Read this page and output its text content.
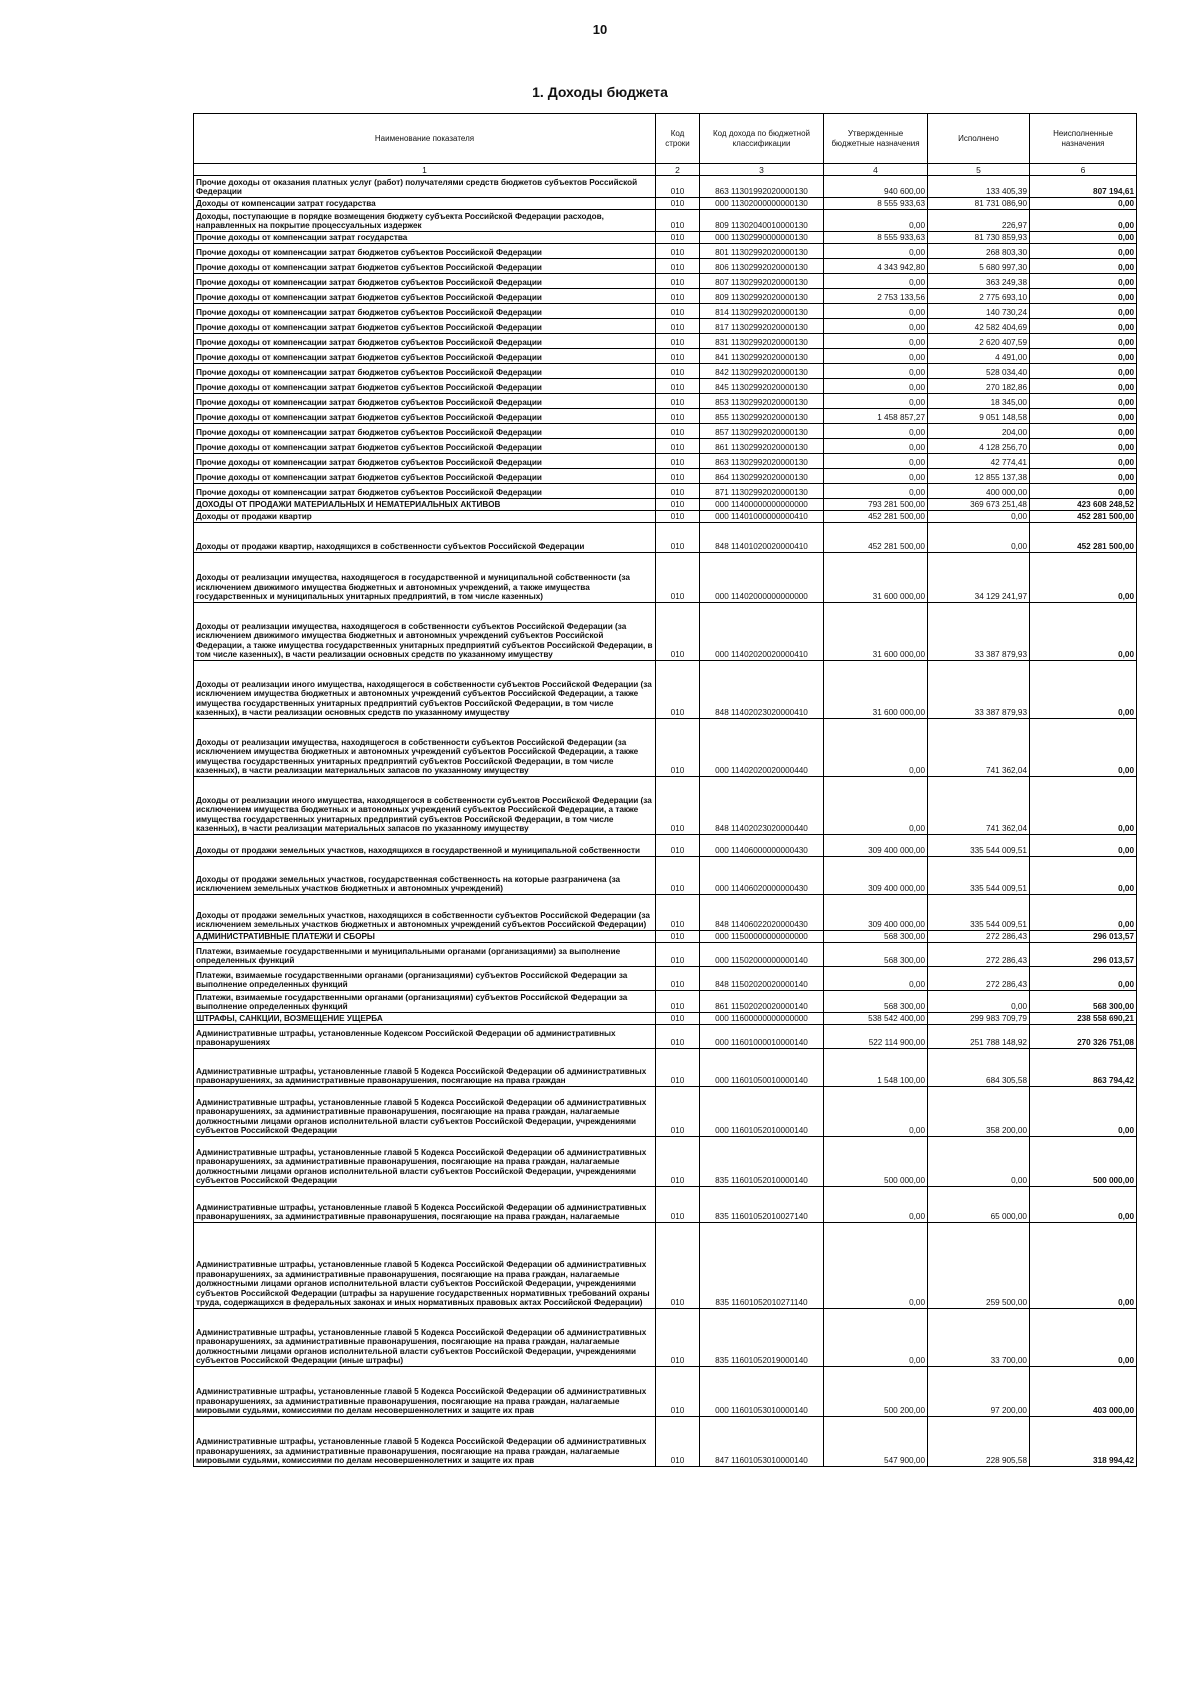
10
1. Доходы бюджета
Наименование показателя	Код строки	Код дохода по бюджетной классификации	Утвержденные бюджетные назначения	Исполнено	Неисполненные назначения
1	2	3	4	5	6
Прочие доходы от оказания платных услуг (работ) получателями средств бюджетов субъектов Российской Федерации	010	863 11301992020000130	940 600,00	133 405,39	807 194,61
Доходы от компенсации затрат государства	010	000 11302000000000130	8 555 933,63	81 731 086,90	0,00
Доходы, поступающие в порядке возмещения бюджету субъекта Российской Федерации расходов, направленных на покрытие процессуальных издержек	010	809 11302040010000130	0,00	226,97	0,00
Прочие доходы от компенсации затрат государства	010	000 11302990000000130	8 555 933,63	81 730 859,93	0,00
Прочие доходы от компенсации затрат бюджетов субъектов Российской Федерации	010	801 11302992020000130	0,00	268 803,30	0,00
Прочие доходы от компенсации затрат бюджетов субъектов Российской Федерации	010	806 11302992020000130	4 343 942,80	5 680 997,30	0,00
Прочие доходы от компенсации затрат бюджетов субъектов Российской Федерации	010	807 11302992020000130	0,00	363 249,38	0,00
Прочие доходы от компенсации затрат бюджетов субъектов Российской Федерации	010	809 11302992020000130	2 753 133,56	2 775 693,10	0,00
Прочие доходы от компенсации затрат бюджетов субъектов Российской Федерации	010	814 11302992020000130	0,00	140 730,24	0,00
Прочие доходы от компенсации затрат бюджетов субъектов Российской Федерации	010	817 11302992020000130	0,00	42 582 404,69	0,00
Прочие доходы от компенсации затрат бюджетов субъектов Российской Федерации	010	831 11302992020000130	0,00	2 620 407,59	0,00
Прочие доходы от компенсации затрат бюджетов субъектов Российской Федерации	010	841 11302992020000130	0,00	4 491,00	0,00
Прочие доходы от компенсации затрат бюджетов субъектов Российской Федерации	010	842 11302992020000130	0,00	528 034,40	0,00
Прочие доходы от компенсации затрат бюджетов субъектов Российской Федерации	010	845 11302992020000130	0,00	270 182,86	0,00
Прочие доходы от компенсации затрат бюджетов субъектов Российской Федерации	010	853 11302992020000130	0,00	18 345,00	0,00
Прочие доходы от компенсации затрат бюджетов субъектов Российской Федерации	010	855 11302992020000130	1 458 857,27	9 051 148,58	0,00
Прочие доходы от компенсации затрат бюджетов субъектов Российской Федерации	010	857 11302992020000130	0,00	204,00	0,00
Прочие доходы от компенсации затрат бюджетов субъектов Российской Федерации	010	861 11302992020000130	0,00	4 128 256,70	0,00
Прочие доходы от компенсации затрат бюджетов субъектов Российской Федерации	010	863 11302992020000130	0,00	42 774,41	0,00
Прочие доходы от компенсации затрат бюджетов субъектов Российской Федерации	010	864 11302992020000130	0,00	12 855 137,38	0,00
Прочие доходы от компенсации затрат бюджетов субъектов Российской Федерации	010	871 11302992020000130	0,00	400 000,00	0,00
ДОХОДЫ ОТ ПРОДАЖИ МАТЕРИАЛЬНЫХ И НЕМАТЕРИАЛЬНЫХ АКТИВОВ	010	000 11400000000000000	793 281 500,00	369 673 251,48	423 608 248,52
Доходы от продажи квартир	010	000 11401000000000410	452 281 500,00	0,00	452 281 500,00
Доходы от продажи квартир, находящихся в собственности субъектов Российской Федерации	010	848 11401020020000410	452 281 500,00	0,00	452 281 500,00
Доходы от реализации имущества, находящегося в государственной и муниципальной собственности (за исключением движимого имущества бюджетных и автономных учреждений, а также имущества государственных и муниципальных унитарных предприятий, в том числе казенных)	010	000 11402000000000000	31 600 000,00	34 129 241,97	0,00
Доходы от реализации имущества, находящегося в собственности субъектов Российской Федерации (за исключением движимого имущества бюджетных и автономных учреждений субъектов Российской Федерации, а также имущества государственных унитарных предприятий субъектов Российской Федерации, в том числе казенных), в части реализации основных средств по указанному имуществу	010	000 11402020020000410	31 600 000,00	33 387 879,93	0,00
Доходы от реализации иного имущества, находящегося в собственности субъектов Российской Федерации (за исключением имущества бюджетных и автономных учреждений субъектов Российской Федерации, а также имущества государственных унитарных предприятий субъектов Российской Федерации, в том числе казенных), в части реализации основных средств по указанному имуществу	010	848 11402023020000410	31 600 000,00	33 387 879,93	0,00
Доходы от реализации имущества, находящегося в собственности субъектов Российской Федерации (за исключением имущества бюджетных и автономных учреждений субъектов Российской Федерации, а также имущества государственных унитарных предприятий субъектов Российской Федерации, в том числе казенных), в части реализации материальных запасов по указанному имуществу	010	000 11402020020000440	0,00	741 362,04	0,00
Доходы от реализации иного имущества, находящегося в собственности субъектов Российской Федерации (за исключением имущества бюджетных и автономных учреждений субъектов Российской Федерации, а также имущества государственных унитарных предприятий субъектов Российской Федерации, в том числе казенных), в части реализации материальных запасов по указанному имуществу	010	848 11402023020000440	0,00	741 362,04	0,00
Доходы от продажи земельных участков, находящихся в государственной и муниципальной собственности	010	000 11406000000000430	309 400 000,00	335 544 009,51	0,00
Доходы от продажи земельных участков, государственная собственность на которые разграничена (за исключением земельных участков бюджетных и автономных учреждений)	010	000 11406020000000430	309 400 000,00	335 544 009,51	0,00
Доходы от продажи земельных участков, находящихся в собственности субъектов Российской Федерации (за исключением земельных участков бюджетных и автономных учреждений субъектов Российской Федерации)	010	848 11406022020000430	309 400 000,00	335 544 009,51	0,00
АДМИНИСТРАТИВНЫЕ ПЛАТЕЖИ И СБОРЫ	010	000 11500000000000000	568 300,00	272 286,43	296 013,57
Платежи, взимаемые государственными и муниципальными органами (организациями) за выполнение определенных функций	010	000 11502000000000140	568 300,00	272 286,43	296 013,57
Платежи, взимаемые государственными органами (организациями) субъектов Российской Федерации за выполнение определенных функций	010	848 11502020020000140	0,00	272 286,43	0,00
Платежи, взимаемые государственными органами (организациями) субъектов Российской Федерации за выполнение определенных функций	010	861 11502020020000140	568 300,00	0,00	568 300,00
ШТРАФЫ, САНКЦИИ, ВОЗМЕЩЕНИЕ УЩЕРБА	010	000 11600000000000000	538 542 400,00	299 983 709,79	238 558 690,21
Административные штрафы, установленные Кодексом Российской Федерации об административных правонарушениях	010	000 11601000010000140	522 114 900,00	251 788 148,92	270 326 751,08
Административные штрафы, установленные главой 5 Кодекса Российской Федерации об административных правонарушениях, за административные правонарушения, посягающие на права граждан	010	000 11601050010000140	1 548 100,00	684 305,58	863 794,42
Административные штрафы, установленные главой 5 Кодекса Российской Федерации об административных правонарушениях, за административные правонарушения, посягающие на права граждан, налагаемые должностными лицами органов исполнительной власти субъектов Российской Федерации, учреждениями субъектов Российской Федерации	010	000 11601052010000140	0,00	358 200,00	0,00
Административные штрафы, установленные главой 5 Кодекса Российской Федерации об административных правонарушениях, за административные правонарушения, посягающие на права граждан, налагаемые должностными лицами органов исполнительной власти субъектов Российской Федерации, учреждениями субъектов Российской Федерации	010	835 11601052010000140	500 000,00	0,00	500 000,00
Административные штрафы, установленные главой 5 Кодекса Российской Федерации об административных правонарушениях, за административные правонарушения, посягающие на права граждан, налагаемые	010	835 11601052010027140	0,00	65 000,00	0,00
Административные штрафы, установленные главой 5 Кодекса Российской Федерации об административных правонарушениях, за административные правонарушения, посягающие на права граждан, налагаемые должностными лицами органов исполнительной власти субъектов Российской Федерации, учреждениями субъектов Российской Федерации (штрафы за нарушение государственных нормативных требований охраны труда, содержащихся в федеральных законах и иных нормативных правовых актах Российской Федерации)	010	835 11601052010271140	0,00	259 500,00	0,00
Административные штрафы, установленные главой 5 Кодекса Российской Федерации об административных правонарушениях, за административные правонарушения, посягающие на права граждан, налагаемые должностными лицами органов исполнительной власти субъектов Российской Федерации, учреждениями субъектов Российской Федерации (иные штрафы)	010	835 11601052019000140	0,00	33 700,00	0,00
Административные штрафы, установленные главой 5 Кодекса Российской Федерации об административных правонарушениях, за административные правонарушения, посягающие на права граждан, налагаемые мировыми судьями, комиссиями по делам несовершеннолетних и защите их прав	010	000 11601053010000140	500 200,00	97 200,00	403 000,00
Административные штрафы, установленные главой 5 Кодекса Российской Федерации об административных правонарушениях, за административные правонарушения, посягающие на права граждан, налагаемые мировыми судьями, комиссиями по делам несовершеннолетних и защите их прав	010	847 11601053010000140	547 900,00	228 905,58	318 994,42
